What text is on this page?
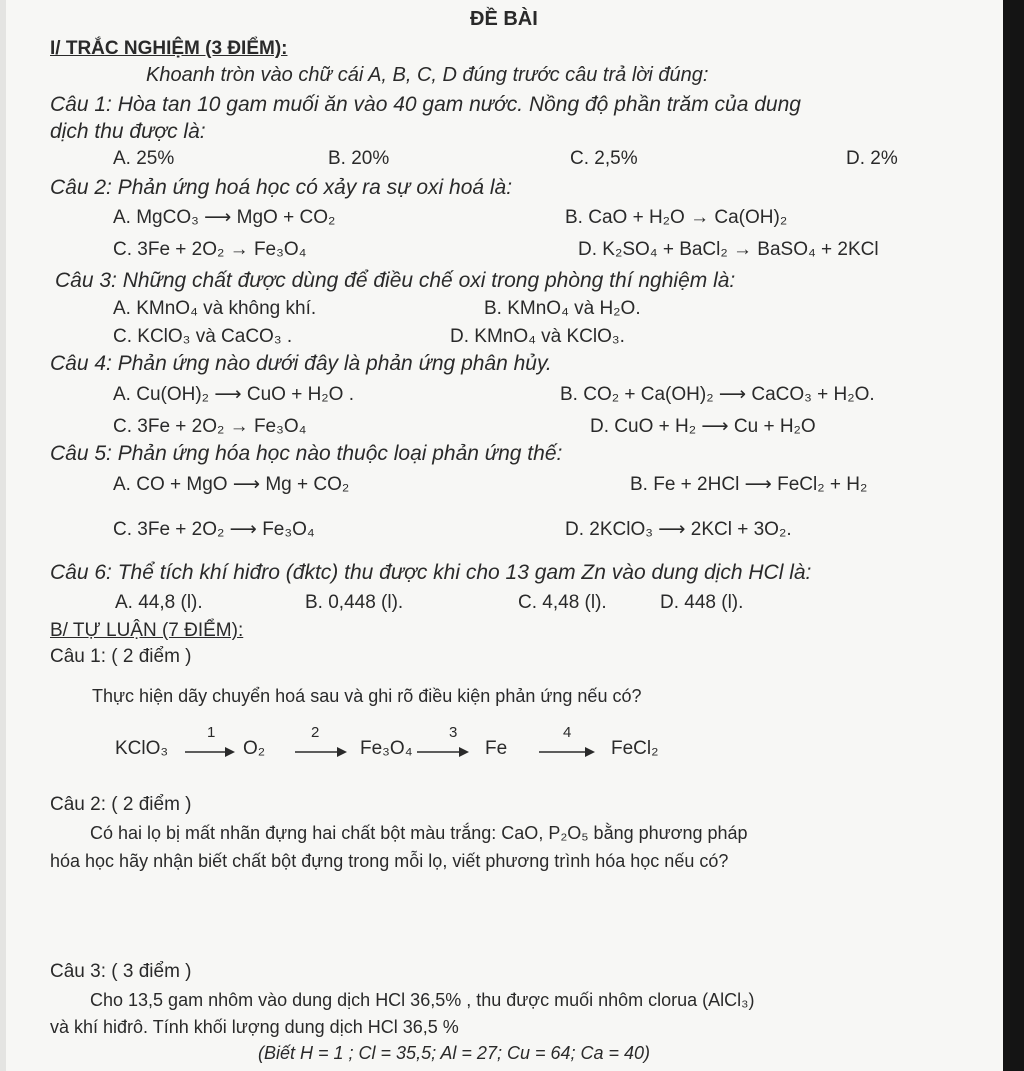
ĐỀ BÀI
I/ TRẮC NGHIỆM (3 ĐIỂM):
Khoanh tròn vào chữ cái A, B, C, D đúng trước câu trả lời đúng:
Câu 1: Hòa tan 10 gam muối ăn vào 40 gam nước. Nồng độ phần trăm của dung
dịch thu được là:
A. 25%	B. 20%	C. 2,5%	D. 2%
Câu 2: Phản ứng hoá học có xảy ra sự oxi hoá là:
A. MgCO₃ ⟶ MgO + CO₂	B. CaO + H₂O → Ca(OH)₂
C. 3Fe + 2O₂ → Fe₃O₄	D. K₂SO₄ + BaCl₂ → BaSO₄ + 2KCl
Câu 3: Những chất được dùng để điều chế oxi trong phòng thí nghiệm là:
A. KMnO₄ và không khí.	B. KMnO₄ và H₂O.
C. KClO₃ và CaCO₃ .	D. KMnO₄ và KClO₃.
Câu 4: Phản ứng nào dưới đây là phản ứng phân hủy.
A. Cu(OH)₂ ⟶ CuO + H₂O .	B. CO₂ + Ca(OH)₂ ⟶ CaCO₃ + H₂O.
C. 3Fe + 2O₂ → Fe₃O₄	D. CuO + H₂ ⟶ Cu + H₂O
Câu 5: Phản ứng hóa học nào thuộc loại phản ứng thế:
A. CO + MgO ⟶ Mg + CO₂	B. Fe + 2HCl ⟶ FeCl₂ + H₂
C. 3Fe + 2O₂ ⟶ Fe₃O₄	D. 2KClO₃ ⟶ 2KCl + 3O₂.
Câu 6: Thể tích khí hiđro (đktc) thu được khi cho 13 gam Zn vào dung dịch HCl là:
A. 44,8 (l).	B. 0,448 (l).	C. 4,48 (l).	D. 448 (l).
B/ TỰ LUẬN (7 ĐIỂM):
Câu 1: ( 2 điểm )
Thực hiện dãy chuyển hoá sau và ghi rõ điều kiện phản ứng nếu có?
KClO₃
1
O₂
2
Fe₃O₄
3
Fe
4
FeCl₂
Câu 2: ( 2 điểm )
Có hai lọ bị mất nhãn đựng hai chất bột màu trắng: CaO, P₂O₅ bằng phương pháp
hóa học hãy nhận biết chất bột đựng trong mỗi lọ, viết phương trình hóa học nếu có?
Câu 3: ( 3 điểm )
Cho 13,5 gam nhôm vào dung dịch HCl 36,5% , thu được muối nhôm clorua (AlCl₃)
và khí hiđrô. Tính khối lượng dung dịch HCl 36,5 %
(Biết H = 1 ; Cl = 35,5; Al = 27; Cu = 64; Ca = 40)
